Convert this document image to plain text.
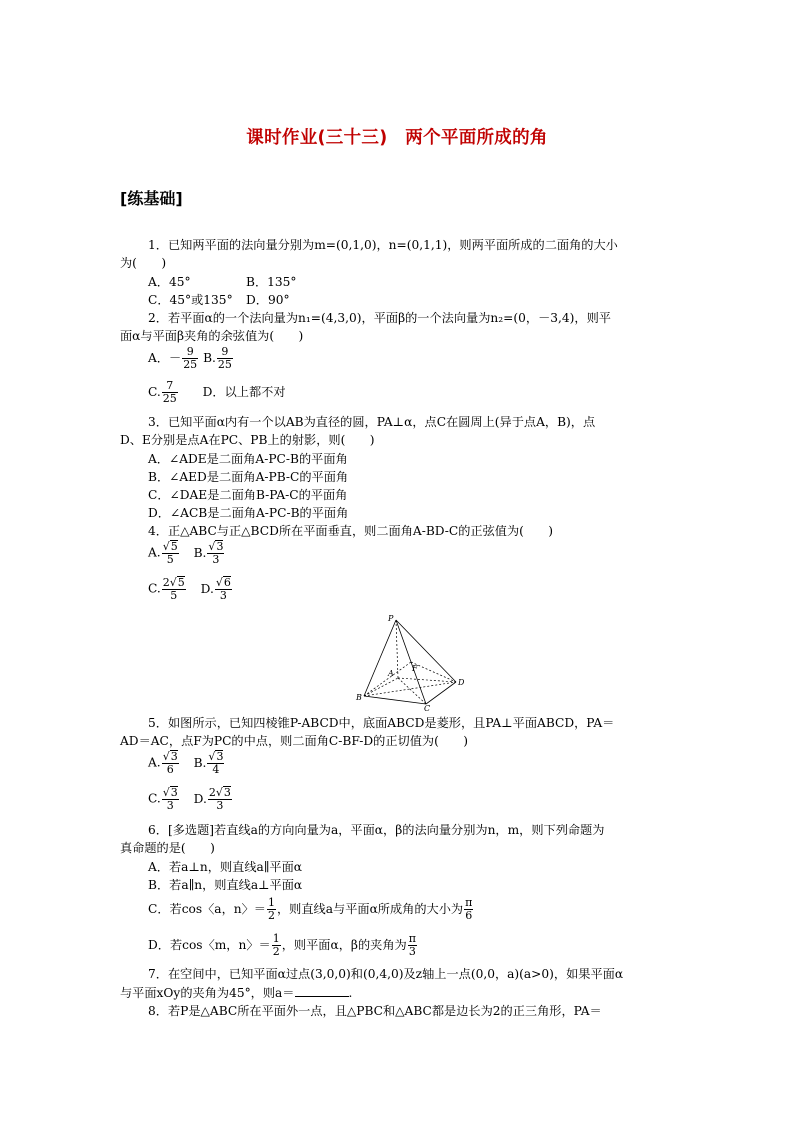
课时作业(三十三)　两个平面所成的角
[练基础]
1．已知两平面的法向量分别为m=(0,1,0)，n=(0,1,1)，则两平面所成的二面角的大小
为(　　)
A．45°	B．135°
C．45°或135° D．90°
2．若平面α的一个法向量为n₁=(4,3,0)，平面β的一个法向量为n₂=(0，－3,4)，则平
面α与平面β夹角的余弦值为(　　)
A．－ $\frac{9}{25} B$. $\frac{9}{25}$
C. $\frac{7}{25}$ D．以上都不对
3．已知平面α内有一个以AB为直径的圆，PA⊥α，点C在圆周上(异于点A，B)，点
D、E分别是点A在PC、PB上的射影，则(　　)
A．∠ADE是二面角A-PC-B的平面角
B．∠AED是二面角A-PB-C的平面角
C．∠DAE是二面角B-PA-C的平面角
D．∠ACB是二面角A-PC-B的平面角
4．正△ABC与正△BCD所在平面垂直，则二面角A-BD-C的正弦值为(　　)
A. $\frac{√5}{5} B$. $\frac{√3}{3}$
C. $\frac{2√5}{5} D$. $\frac{√6}{3}$
P
A
F
B
C
D
5．如图所示，已知四棱锥P-ABCD中，底面ABCD是菱形，且PA⊥平面ABCD，PA＝
AD＝AC，点F为PC的中点，则二面角C-BF-D的正切值为(　　)
A. $\frac{√3}{6} B$. $\frac{√3}{4}$
C. $\frac{√3}{3} D$. $\frac{2√3}{3}$
6．[多选题]若直线a的方向向量为a，平面α，β的法向量分别为n，m，则下列命题为
真命题的是(　　)
A．若a⊥n，则直线a∥平面α
B．若a∥n，则直线a⊥平面α
C．若cos〈a，n〉＝ $\frac{1}{2}$ ，则直线a与平面α所成角的大小为 $\frac{\pi}{6}$
D．若cos〈m，n〉＝ $\frac{1}{2}$ ，则平面α，β的夹角为 $\frac{\pi}{3}$
7．在空间中，已知平面α过点(3,0,0)和(0,4,0)及z轴上一点(0,0，a)(a>0)，如果平面α
与平面xOy的夹角为45°，则a＝	.
8．若P是△ABC所在平面外一点，且△PBC和△ABC都是边长为2的正三角形，PA＝
